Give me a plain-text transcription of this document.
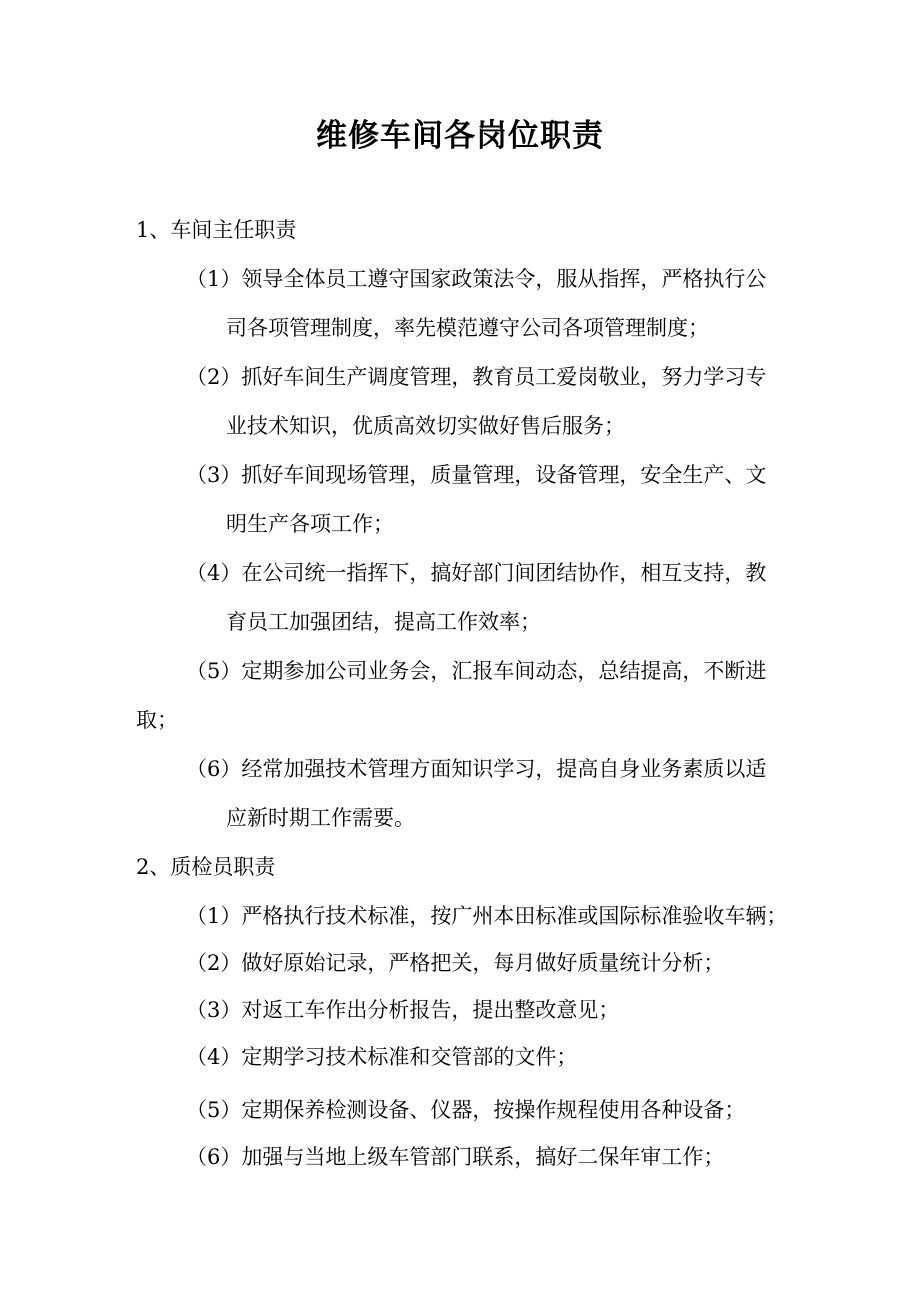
维修车间各岗位职责
1、车间主任职责
（1）领导全体员工遵守国家政策法令，服从指挥，严格执行公
司各项管理制度，率先模范遵守公司各项管理制度；
（2）抓好车间生产调度管理，教育员工爱岗敬业，努力学习专
业技术知识，优质高效切实做好售后服务；
（3）抓好车间现场管理，质量管理，设备管理，安全生产、文
明生产各项工作；
（4）在公司统一指挥下，搞好部门间团结协作，相互支持，教
育员工加强团结，提高工作效率；
（5）定期参加公司业务会，汇报车间动态，总结提高，不断进
取；
（6）经常加强技术管理方面知识学习，提高自身业务素质以适
应新时期工作需要。
2、质检员职责
（1）严格执行技术标准，按广州本田标准或国际标准验收车辆；
（2）做好原始记录，严格把关，每月做好质量统计分析；
（3）对返工车作出分析报告，提出整改意见；
（4）定期学习技术标准和交管部的文件；
（5）定期保养检测设备、仪器，按操作规程使用各种设备；
（6）加强与当地上级车管部门联系，搞好二保年审工作；
